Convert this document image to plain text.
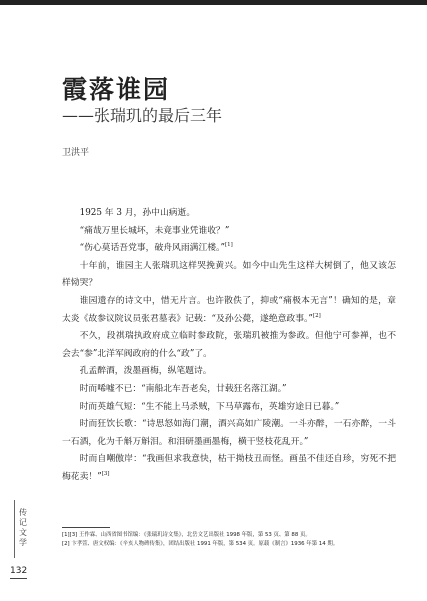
霞落谁园
——张瑞玑的最后三年
卫洪平

1925 年 3 月，孙中山病逝。

“痛哉万里长城坏，未竟事业凭谁收？”

“伤心莫话吾党事，破舟风雨满江楼。”[1]

十年前，谁园主人张瑞玑这样哭挽黄兴。如今中山先生这样大树倒了，他又该怎样恸哭？

谁园遗存的诗文中，惜无片言。也许散佚了，抑或“痛极本无言”！确知的是，章太炎《故参议院议员张君墓表》记载：“及孙公薨，遂绝意政事。”[2]

不久，段祺瑞执政府成立临时参政院，张瑞玑被推为参政。但他宁可参禅，也不会去“参”北洋军阀政府的什么“政”了。

孔孟醉酒，泼墨画梅，纵笔题诗。

时而唏嘘不已：“南船北车吾老矣，廿载狂名落江湖。”

时而英雄气短：“生不能上马杀贼，下马草露布，英雄穷途日已暮。”

时而狂饮长歌：“诗思怒如海门潮，酒兴高如广陵潮。一斗亦醉，一石亦醉，一斗一石酒，化为千斛万斛泪。和泪研墨画墨梅，横干竖枝花乱开。”

时而自嘲傲岸：“我画但求我意快，枯干拗枝丑而怪。画虽不佳还自珍，穷死不把梅花卖！”[3]

[1][3] 王作霖、山西省图书馆编：《张瑞玑诗文集》，北岳文艺出版社 1998 年版，第 53 页、第 88 页。
[2] 卞孝萱、唐文权编：《辛亥人物碑传集》，团结出版社 1991 年版，第 534 页。原载《制言》1936 年第 14 期。
传记文学
132
